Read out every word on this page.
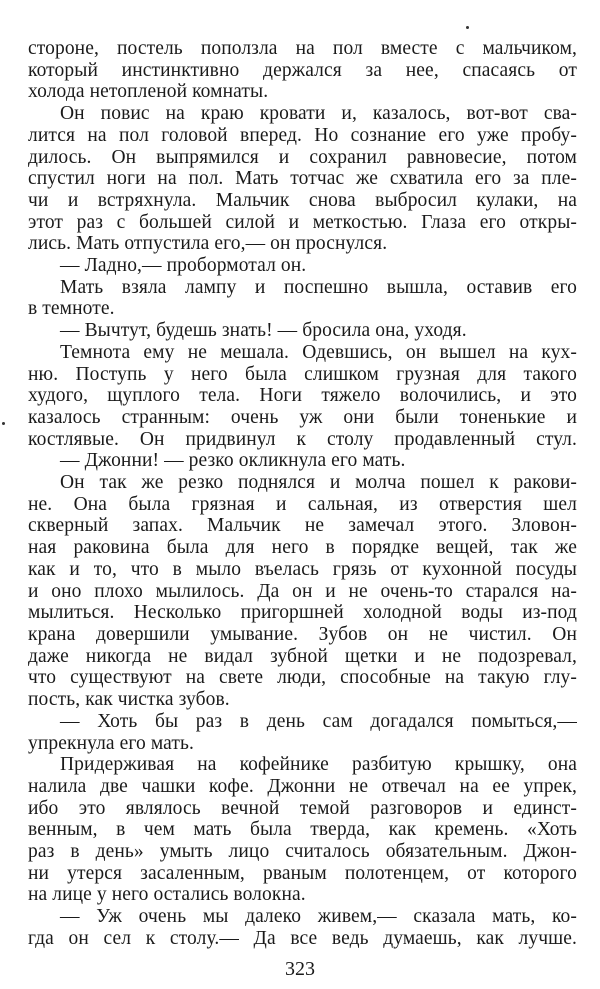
стороне, постель поползла на пол вместе с мальчиком,
который инстинктивно держался за нее, спасаясь от
холода нетопленой комнаты.
Он повис на краю кровати и, казалось, вот-вот сва-
лится на пол головой вперед. Но сознание его уже пробу-
дилось. Он выпрямился и сохранил равновесие, потом
спустил ноги на пол. Мать тотчас же схватила его за пле-
чи и встряхнула. Мальчик снова выбросил кулаки, на
этот раз с большей силой и меткостью. Глаза его откры-
лись. Мать отпустила его,— он проснулся.
— Ладно,— пробормотал он.
Мать взяла лампу и поспешно вышла, оставив его
в темноте.
— Вычтут, будешь знать! — бросила она, уходя.
Темнота ему не мешала. Одевшись, он вышел на кух-
ню. Поступь у него была слишком грузная для такого
худого, щуплого тела. Ноги тяжело волочились, и это
казалось странным: очень уж они были тоненькие и
костлявые. Он придвинул к столу продавленный стул.
— Джонни! — резко окликнула его мать.
Он так же резко поднялся и молча пошел к ракови-
не. Она была грязная и сальная, из отверстия шел
скверный запах. Мальчик не замечал этого. Зловон-
ная раковина была для него в порядке вещей, так же
как и то, что в мыло въелась грязь от кухонной посуды
и оно плохо мылилось. Да он и не очень-то старался на-
мылиться. Несколько пригоршней холодной воды из-под
крана довершили умывание. Зубов он не чистил. Он
даже никогда не видал зубной щетки и не подозревал,
что существуют на свете люди, способные на такую глу-
пость, как чистка зубов.
— Хоть бы раз в день сам догадался помыться,—
упрекнула его мать.
Придерживая на кофейнике разбитую крышку, она
налила две чашки кофе. Джонни не отвечал на ее упрек,
ибо это являлось вечной темой разговоров и единст-
венным, в чем мать была тверда, как кремень. «Хоть
раз в день» умыть лицо считалось обязательным. Джон-
ни утерся засаленным, рваным полотенцем, от которого
на лице у него остались волокна.
— Уж очень мы далеко живем,— сказала мать, ко-
гда он сел к столу.— Да все ведь думаешь, как лучше.
323
